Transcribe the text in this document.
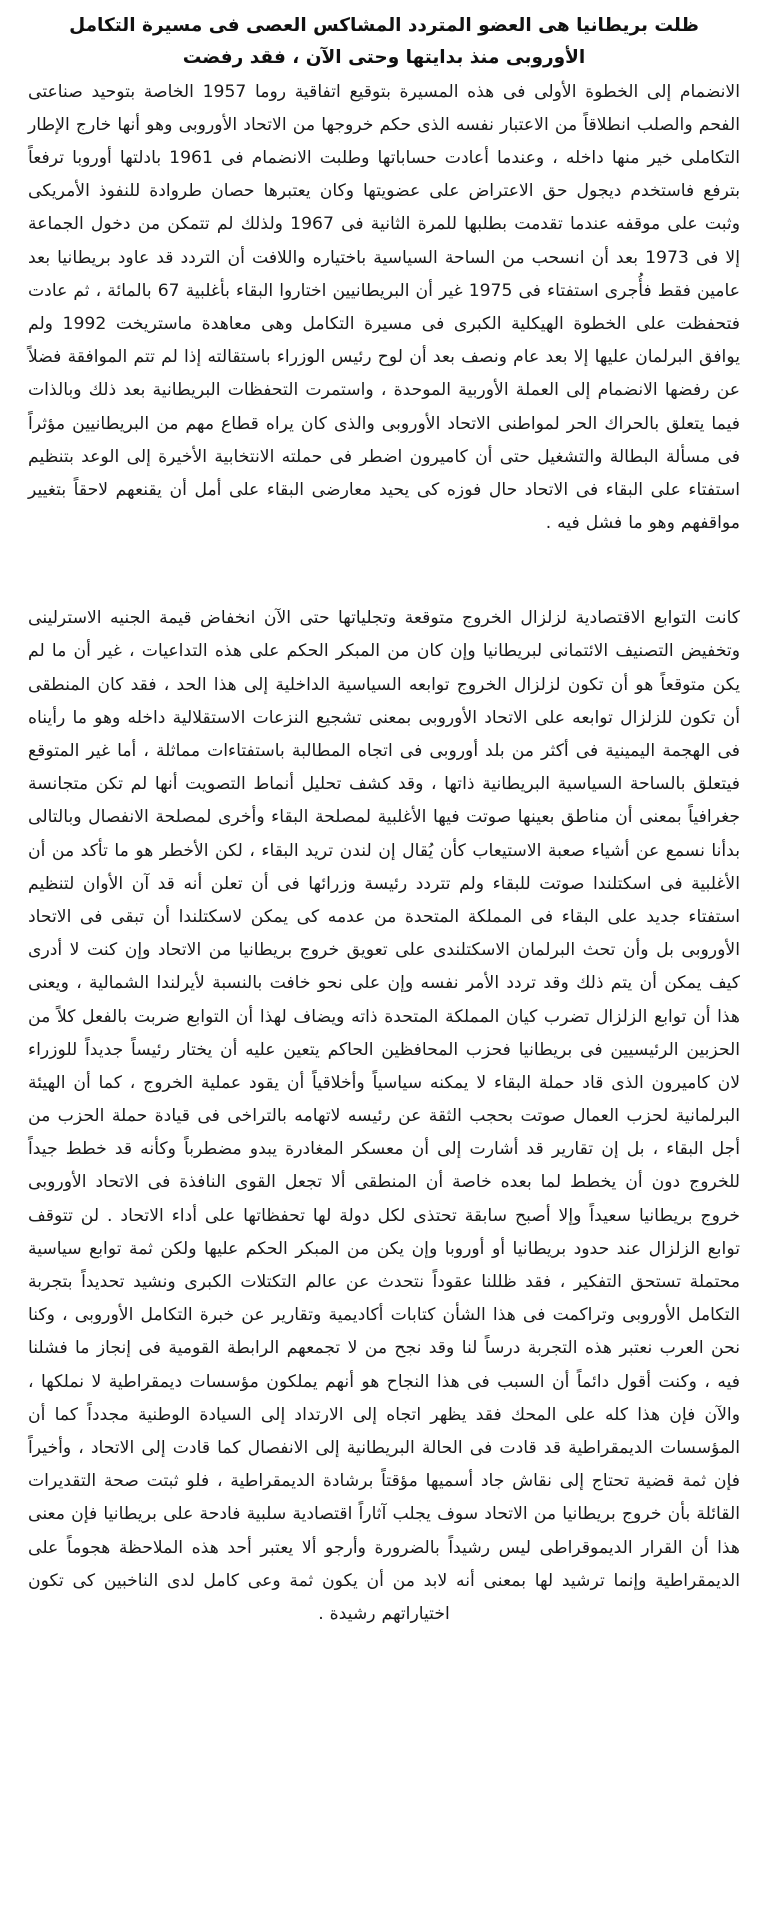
ظلت بريطانيا هى العضو المتردد المشاكس العصى فى مسيرة التكامل الأوروبى منذ بدايتها وحتى الآن ، فقد رفضت

الانضمام إلى الخطوة الأولى فى هذه المسيرة بتوقيع اتفاقية روما 1957 الخاصة بتوحيد صناعتى الفحم والصلب انطلاقاً من الاعتبار نفسه الذى حكم خروجها من الاتحاد الأوروبى وهو أنها خارج الإطار التكاملى خير منها داخله ، وعندما أعادت حساباتها وطلبت الانضمام فى 1961 بادلتها أوروبا ترفعاً بترفع فاستخدم ديجول حق الاعتراض على عضويتها وكان يعتبرها حصان طروادة للنفوذ الأمريكى وثبت على موقفه عندما تقدمت بطلبها للمرة الثانية فى 1967 ولذلك لم تتمكن من دخول الجماعة إلا فى 1973 بعد أن انسحب من الساحة السياسية باختياره واللافت أن التردد قد عاود بريطانيا بعد عامين فقط فأُجرى استفتاء فى 1975 غير أن البريطانيين اختاروا البقاء بأغلبية 67 بالمائة ، ثم عادت فتحفظت على الخطوة الهيكلية الكبرى فى مسيرة التكامل وهى معاهدة ماستريخت 1992 ولم يوافق البرلمان عليها إلا بعد عام ونصف بعد أن لوح رئيس الوزراء باستقالته إذا لم تتم الموافقة فضلاً عن رفضها الانضمام إلى العملة الأوربية الموحدة ، واستمرت التحفظات البريطانية بعد ذلك وبالذات فيما يتعلق بالحراك الحر لمواطنى الاتحاد الأوروبى والذى كان يراه قطاع مهم من البريطانيين مؤثراً فى مسألة البطالة والتشغيل حتى أن كاميرون اضطر فى حملته الانتخابية الأخيرة إلى الوعد بتنظيم استفتاء على البقاء فى الاتحاد حال فوزه كى يحيد معارضى البقاء على أمل أن يقنعهم لاحقاً بتغيير مواقفهم وهو ما فشل فيه .

كانت التوابع الاقتصادية لزلزال الخروج متوقعة وتجلياتها حتى الآن انخفاض قيمة الجنيه الاسترلينى وتخفيض التصنيف الائتمانى لبريطانيا وإن كان من المبكر الحكم على هذه التداعيات ، غير أن ما لم يكن متوقعاً هو أن تكون لزلزال الخروج توابعه السياسية الداخلية إلى هذا الحد ، فقد كان المنطقى أن تكون للزلزال توابعه على الاتحاد الأوروبى بمعنى تشجيع النزعات الاستقلالية داخله وهو ما رأيناه فى الهجمة اليمينية فى أكثر من بلد أوروبى فى اتجاه المطالبة باستفتاءات مماثلة ، أما غير المتوقع فيتعلق بالساحة السياسية البريطانية ذاتها ، وقد كشف تحليل أنماط التصويت أنها لم تكن متجانسة جغرافياً بمعنى أن مناطق بعينها صوتت فيها الأغلبية لمصلحة البقاء وأخرى لمصلحة الانفصال وبالتالى بدأنا نسمع عن أشياء صعبة الاستيعاب كأن يُقال إن لندن تريد البقاء ، لكن الأخطر هو ما تأكد من أن الأغلبية فى اسكتلندا صوتت للبقاء ولم تتردد رئيسة وزرائها فى أن تعلن أنه قد آن الأوان لتنظيم استفتاء جديد على البقاء فى المملكة المتحدة من عدمه كى يمكن لاسكتلندا أن تبقى فى الاتحاد الأوروبى بل وأن تحث البرلمان الاسكتلندى على تعويق خروج بريطانيا من الاتحاد وإن كنت لا أدرى كيف يمكن أن يتم ذلك وقد تردد الأمر نفسه وإن على نحو خافت بالنسبة لأيرلندا الشمالية ، ويعنى هذا أن توابع الزلزال تضرب كيان المملكة المتحدة ذاته ويضاف لهذا أن التوابع ضربت بالفعل كلاً من الحزبين الرئيسيين فى بريطانيا فحزب المحافظين الحاكم يتعين عليه أن يختار رئيساً جديداً للوزراء لان كاميرون الذى قاد حملة البقاء لا يمكنه سياسياً وأخلاقياً أن يقود عملية الخروج ، كما أن الهيئة البرلمانية لحزب العمال صوتت بحجب الثقة عن رئيسه لاتهامه بالتراخى فى قيادة حملة الحزب من أجل البقاء ، بل إن تقارير قد أشارت إلى أن معسكر المغادرة يبدو مضطرباً وكأنه قد خطط جيداً للخروج دون أن يخطط لما بعده خاصة أن المنطقى ألا تجعل القوى النافذة فى الاتحاد الأوروبى خروج بريطانيا سعيداً وإلا أصبح سابقة تحتذى لكل دولة لها تحفظاتها على أداء الاتحاد . لن تتوقف توابع الزلزال عند حدود بريطانيا أو أوروبا وإن يكن من المبكر الحكم عليها ولكن ثمة توابع سياسية محتملة تستحق التفكير ، فقد ظللنا عقوداً نتحدث عن عالم التكتلات الكبرى ونشيد تحديداً بتجربة التكامل الأوروبى وتراكمت فى هذا الشأن كتابات أكاديمية وتقارير عن خبرة التكامل الأوروبى ، وكنا نحن العرب نعتبر هذه التجربة درساً لنا وقد نجح من لا تجمعهم الرابطة القومية فى إنجاز ما فشلنا فيه ، وكنت أقول دائماً أن السبب فى هذا النجاح هو أنهم يملكون مؤسسات ديمقراطية لا نملكها ، والآن فإن هذا كله على المحك فقد يظهر اتجاه إلى الارتداد إلى السيادة الوطنية مجدداً كما أن المؤسسات الديمقراطية قد قادت فى الحالة البريطانية إلى الانفصال كما قادت إلى الاتحاد ، وأخيراً فإن ثمة قضية تحتاج إلى نقاش جاد أسميها مؤقتاً برشادة الديمقراطية ، فلو ثبتت صحة التقديرات القائلة بأن خروج بريطانيا من الاتحاد سوف يجلب آثاراً اقتصادية سلبية فادحة على بريطانيا فإن معنى هذا أن القرار الديموقراطى ليس رشيداً بالضرورة وأرجو ألا يعتبر أحد هذه الملاحظة هجوماً على الديمقراطية وإنما ترشيد لها بمعنى أنه لابد من أن يكون ثمة وعى كامل لدى الناخبين كى تكون اختياراتهم رشيدة .
